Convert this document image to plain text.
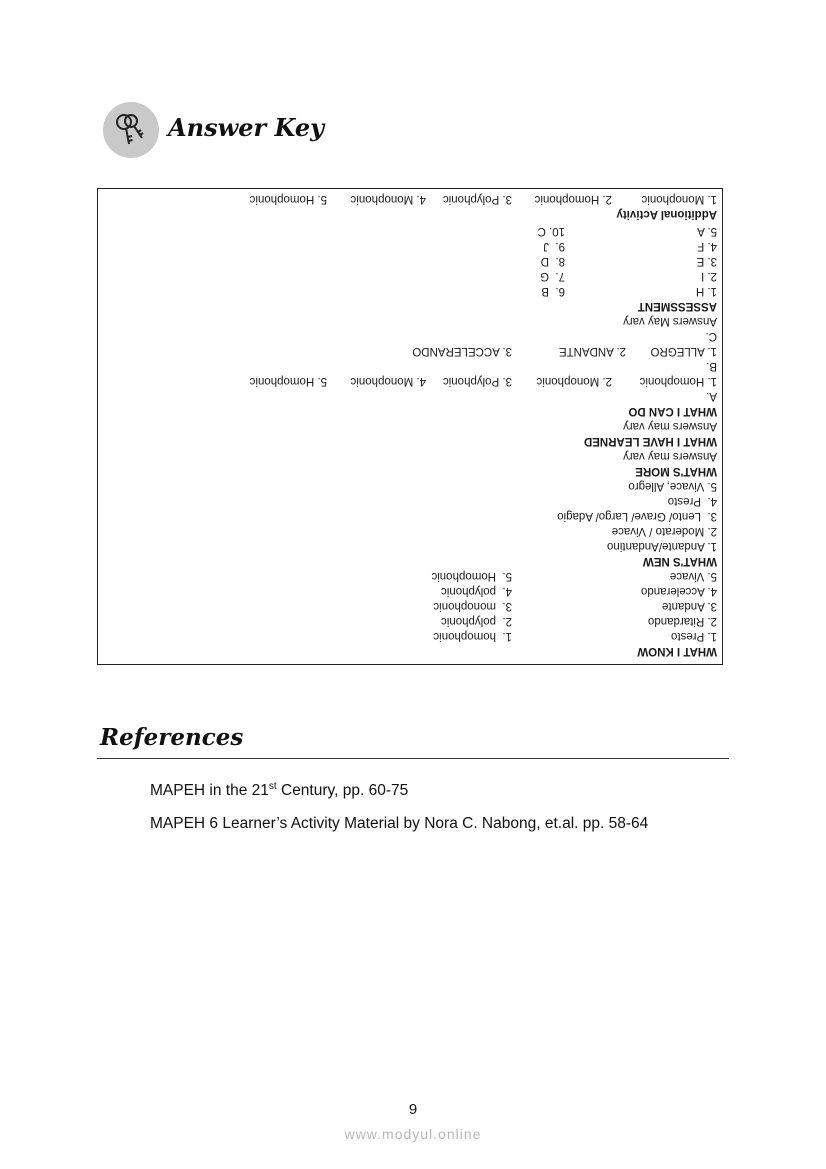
Answer Key
WHAT I KNOW
1. Presto
2. Ritardando
3. Andante
4. Accelerando
5. Vivace
1.  homophonic
2.  polyphonic
3.  monophonic
4.  polyphonic
5.  Homophonic
WHAT'S NEW
1. Andante/Andantino
2. Moderato / Vivace
3.  Lento/ Grave/ Largo/ Adagio
4.  Presto
5. Vivace, Allegro
WHAT'S MORE
Answers may vary
WHAT I HAVE LEARNED
Answers may vary
WHAT I CAN DO
A.
1. Homophonic
2. Monophonic
3. Polyphonic
4. Monophonic
5. Homophonic
B.
1. ALLEGRO
2. ANDANTE
3. ACCELERANDO
C.
Answers May vary
ASSESSMENT
1. H
2. I
3. E
4. F
5. A
6.  B
7.  G
8.  D
9.  J
10. C
Additional Activity
1. Monophonic
2. Homophonic
3. Polyphonic
4. Monophonic
5. Homophonic
References
MAPEH in the 21st Century, pp. 60-75
MAPEH 6 Learner’s Activity Material by Nora C. Nabong, et.al. pp. 58-64
9
www.modyul.online
